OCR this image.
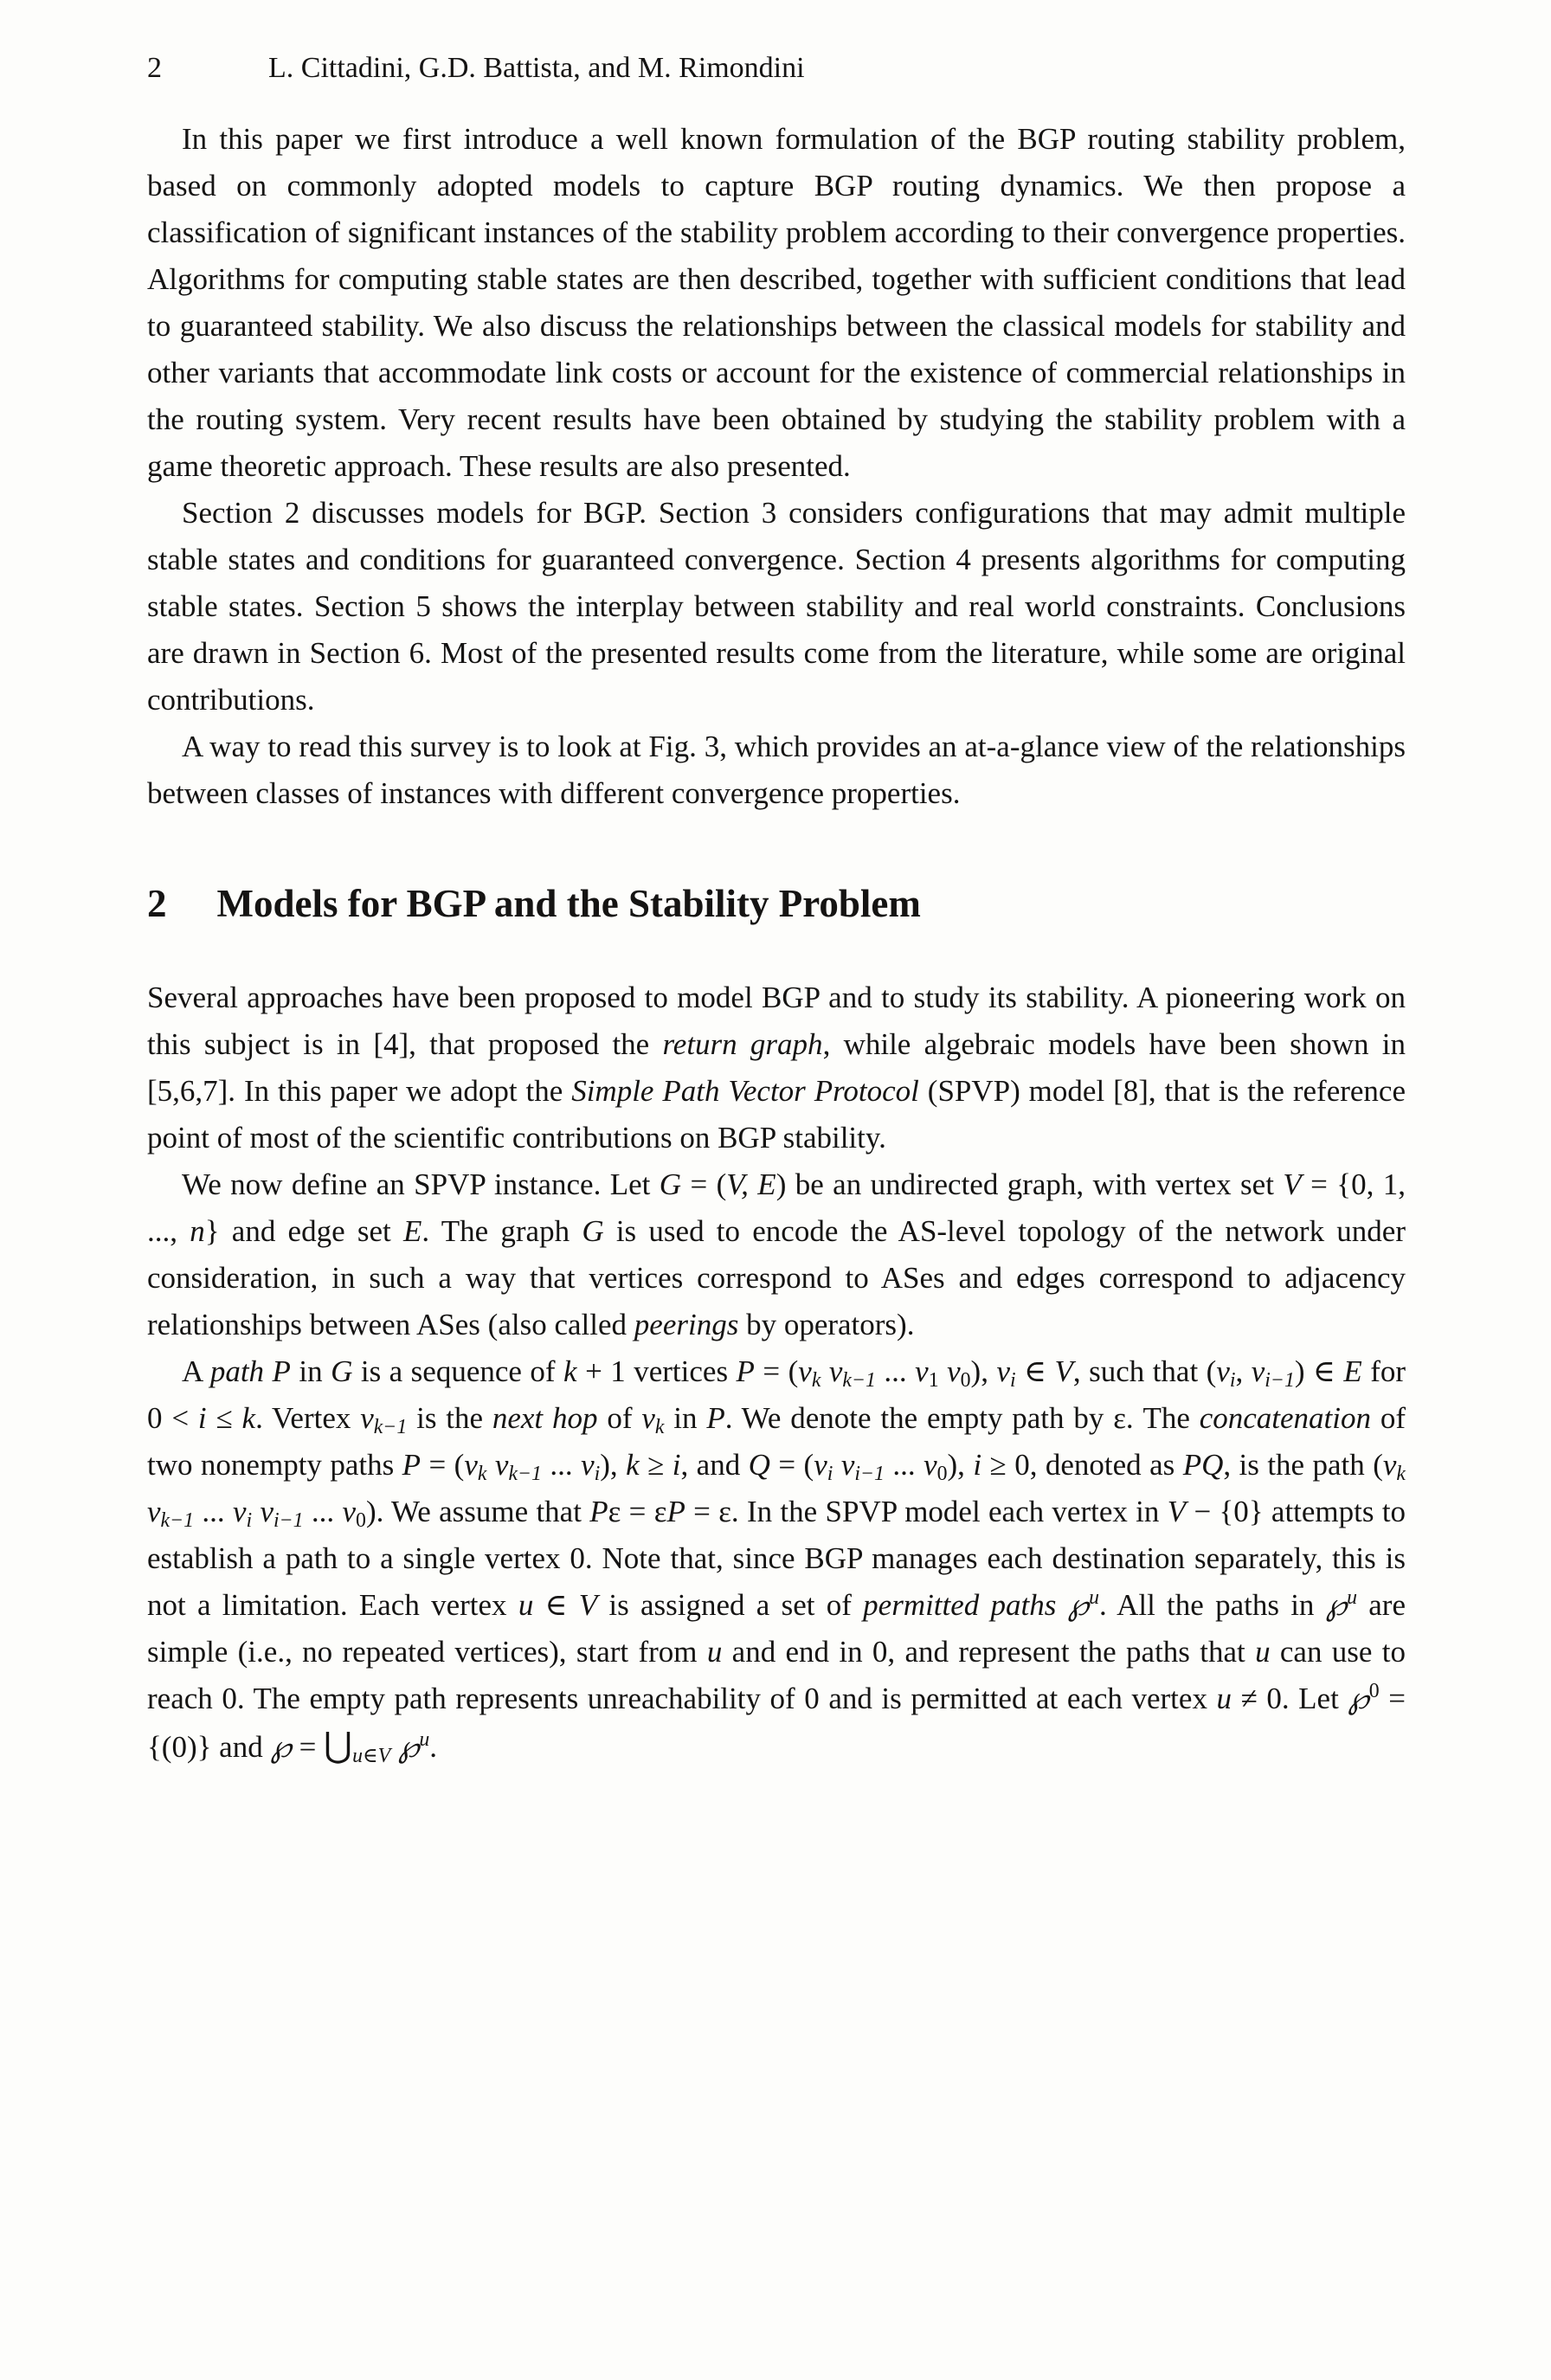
2	L. Cittadini, G.D. Battista, and M. Rimondini

In this paper we first introduce a well known formulation of the BGP routing stability problem, based on commonly adopted models to capture BGP routing dynamics. We then propose a classification of significant instances of the stability problem according to their convergence properties. Algorithms for computing stable states are then described, together with sufficient conditions that lead to guaranteed stability. We also discuss the relationships between the classical models for stability and other variants that accommodate link costs or account for the existence of commercial relationships in the routing system. Very recent results have been obtained by studying the stability problem with a game theoretic approach. These results are also presented.

Section 2 discusses models for BGP. Section 3 considers configurations that may admit multiple stable states and conditions for guaranteed convergence. Section 4 presents algorithms for computing stable states. Section 5 shows the interplay between stability and real world constraints. Conclusions are drawn in Section 6. Most of the presented results come from the literature, while some are original contributions.

A way to read this survey is to look at Fig. 3, which provides an at-a-glance view of the relationships between classes of instances with different convergence properties.

2 Models for BGP and the Stability Problem

Several approaches have been proposed to model BGP and to study its stability. A pioneering work on this subject is in [4], that proposed the return graph, while algebraic models have been shown in [5,6,7]. In this paper we adopt the Simple Path Vector Protocol (SPVP) model [8], that is the reference point of most of the scientific contributions on BGP stability.

We now define an SPVP instance. Let G = (V, E) be an undirected graph, with vertex set V = {0, 1, ..., n} and edge set E. The graph G is used to encode the AS-level topology of the network under consideration, in such a way that vertices correspond to ASes and edges correspond to adjacency relationships between ASes (also called peerings by operators).

A path P in G is a sequence of k + 1 vertices $P = (v_k$ $v_{k-1}$ ... $v_1$ $v_0$), $v_i$ ∈ V, such that ($v_i$, $v_{i-1}$) ∈ E for 0 < i ≤ k. Vertex $v_{k-1}$ is the next hop of $v_k$ in P. We denote the empty path by ε. The concatenation of two nonempty paths $P = (v_k$ $v_{k-1}$ ... $v_i$), k ≥ i, and $Q = (v_i$ $v_{i-1}$ ... $v_0$), i ≥ 0, denoted as PQ, is the path ($v_k$ $v_{k-1}$ ... $v_i$ $v_{i-1}$ ... $v_0$). We assume that Pε = εP = ε. In the SPVP model each vertex in V − {0} attempts to establish a path to a single vertex 0. Note that, since BGP manages each destination separately, this is not a limitation. Each vertex u ∈ V is assigned a set of permitted paths ℘$^u$. All the paths in ℘$^u$ are simple (i.e., no repeated vertices), start from u and end in 0, and represent the paths that u can use to reach 0. The empty path represents unreachability of 0 and is permitted at each vertex u ≠ 0. Let ℘$^0$ = {(0)} and ℘ = $⋃_{u\in V}$ ℘$^u$.
